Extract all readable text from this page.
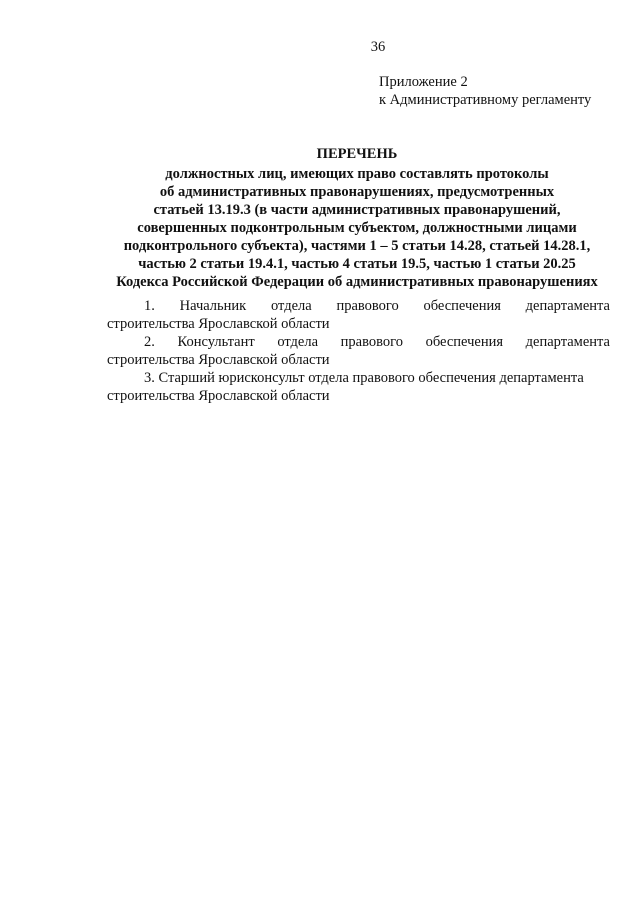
36
Приложение 2
к Административному регламенту
ПЕРЕЧЕНЬ
должностных лиц, имеющих право составлять протоколы
об административных правонарушениях, предусмотренных
статьей 13.19.3 (в части административных правонарушений,
совершенных подконтрольным субъектом, должностными лицами
подконтрольного субъекта), частями 1 – 5 статьи 14.28, статьей 14.28.1,
частью 2 статьи 19.4.1, частью 4 статьи 19.5, частью 1 статьи 20.25
Кодекса Российской Федерации об административных правонарушениях
1. Начальник отдела правового обеспечения департамента
строительства Ярославской области
2. Консультант отдела правового обеспечения департамента
строительства Ярославской области
3. Старший юрисконсульт отдела правового обеспечения департамента
строительства Ярославской области
